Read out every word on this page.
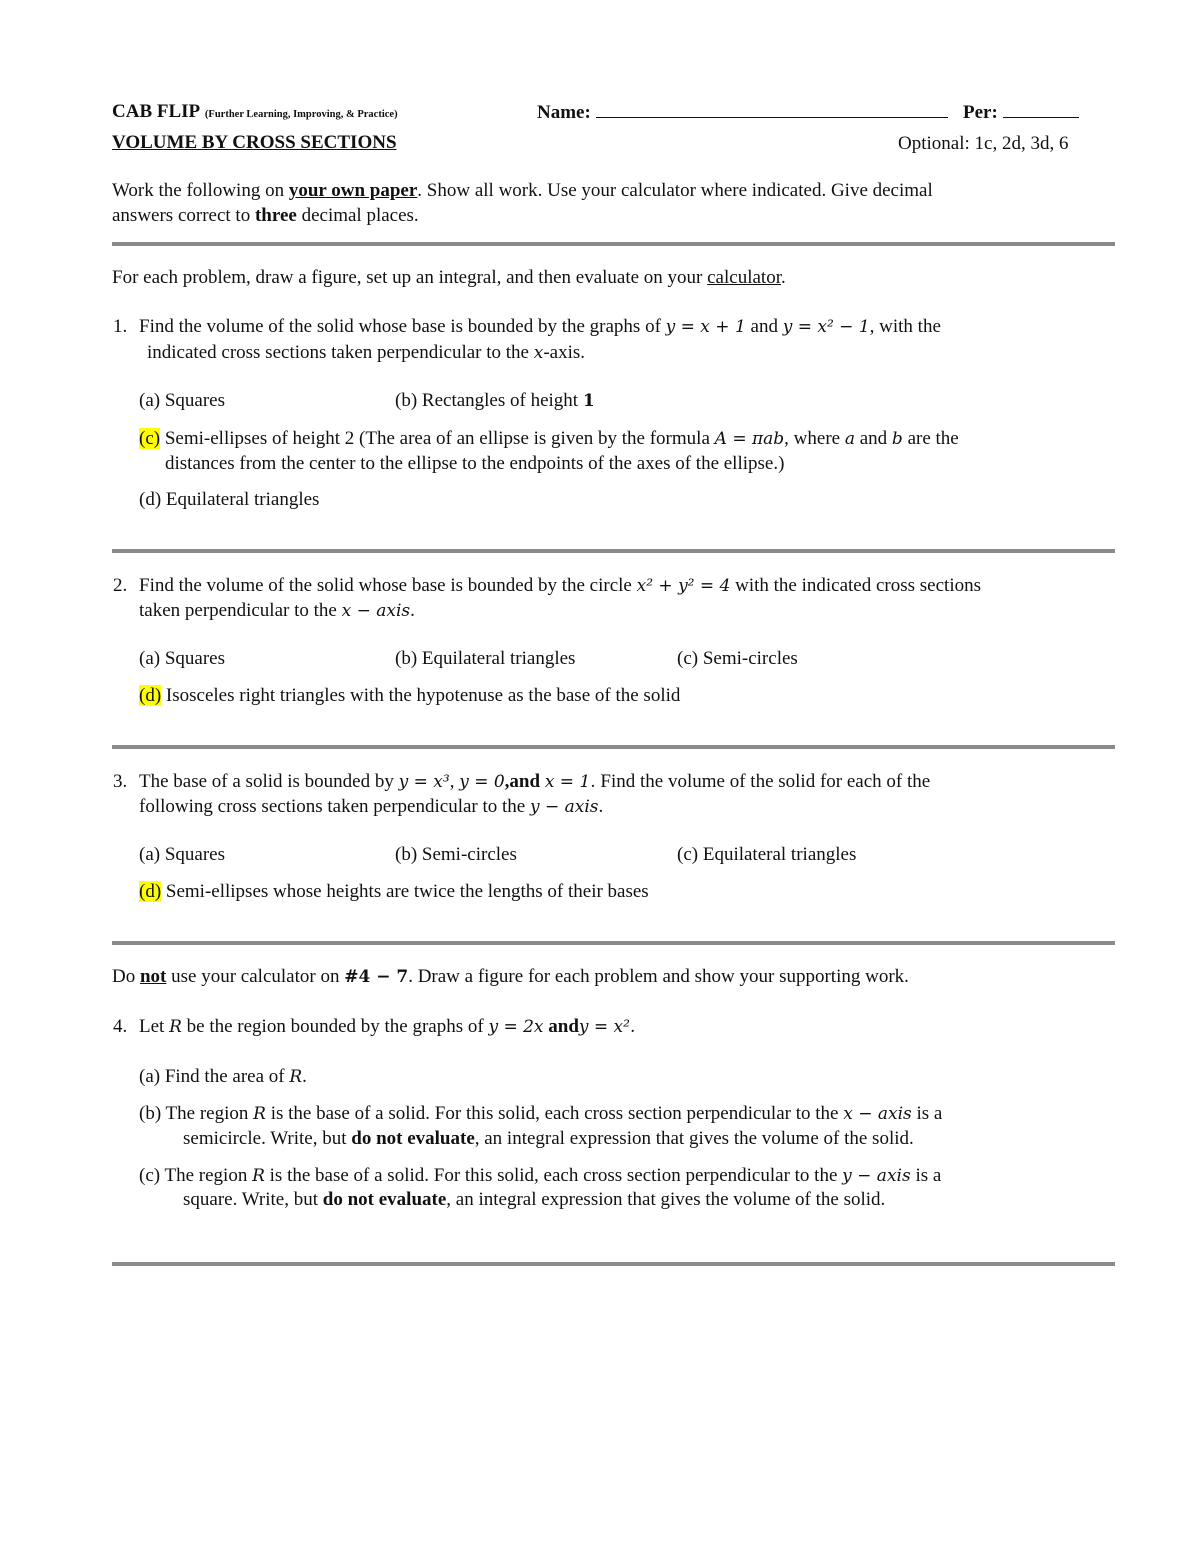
CAB FLIP (Further Learning, Improving, & Practice)	Name:	Per:
VOLUME BY CROSS SECTIONS	Optional: 1c, 2d, 3d, 6
Work the following on your own paper. Show all work. Use your calculator where indicated. Give decimal
answers correct to three decimal places.
For each problem, draw a figure, set up an integral, and then evaluate on your calculator.
1. Find the volume of the solid whose base is bounded by the graphs of y = x + 1 and y = x² − 1, with the
indicated cross sections taken perpendicular to the x-axis.
(a) Squares	(b) Rectangles of height 1
(c) Semi-ellipses of height 2 (The area of an ellipse is given by the formula A = πab, where a and b are the
distances from the center to the ellipse to the endpoints of the axes of the ellipse.)
(d) Equilateral triangles
2. Find the volume of the solid whose base is bounded by the circle x² + y² = 4 with the indicated cross sections
taken perpendicular to the x − axis.
(a) Squares	(b) Equilateral triangles	(c) Semi-circles
(d) Isosceles right triangles with the hypotenuse as the base of the solid
3. The base of a solid is bounded by y = x³, y = 0,and x = 1. Find the volume of the solid for each of the
following cross sections taken perpendicular to the y − axis.
(a) Squares	(b) Semi-circles	(c) Equilateral triangles
(d) Semi-ellipses whose heights are twice the lengths of their bases
Do not use your calculator on #4 − 7. Draw a figure for each problem and show your supporting work.
4. Let R be the region bounded by the graphs of y = 2x andy = x².
(a) Find the area of R.
(b) The region R is the base of a solid. For this solid, each cross section perpendicular to the x − axis is a
semicircle. Write, but do not evaluate, an integral expression that gives the volume of the solid.
(c) The region R is the base of a solid. For this solid, each cross section perpendicular to the y − axis is a
square. Write, but do not evaluate, an integral expression that gives the volume of the solid.
